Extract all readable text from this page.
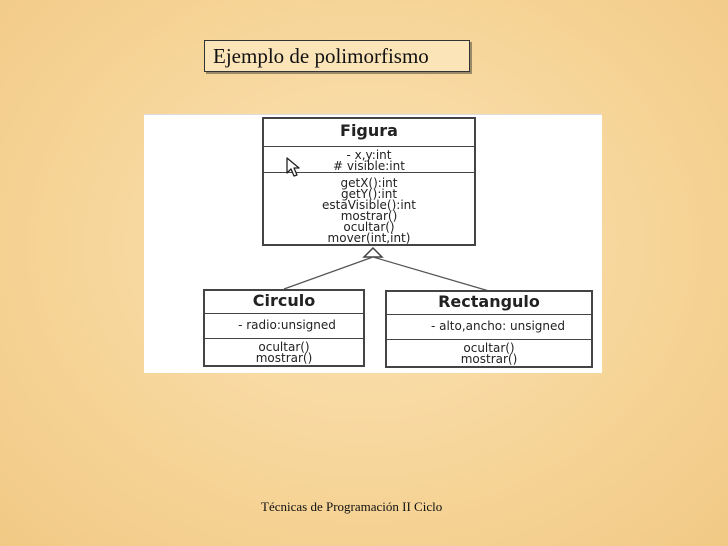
Ejemplo de polimorfismo
Figura
- x,y:int
# visible:int
getX():int
getY():int
estaVisible():int
mostrar()
ocultar()
mover(int,int)
Circulo
- radio:unsigned
ocultar()
mostrar()
Rectangulo
- alto,ancho: unsigned
ocultar()
mostrar()
Técnicas de Programación II Ciclo
